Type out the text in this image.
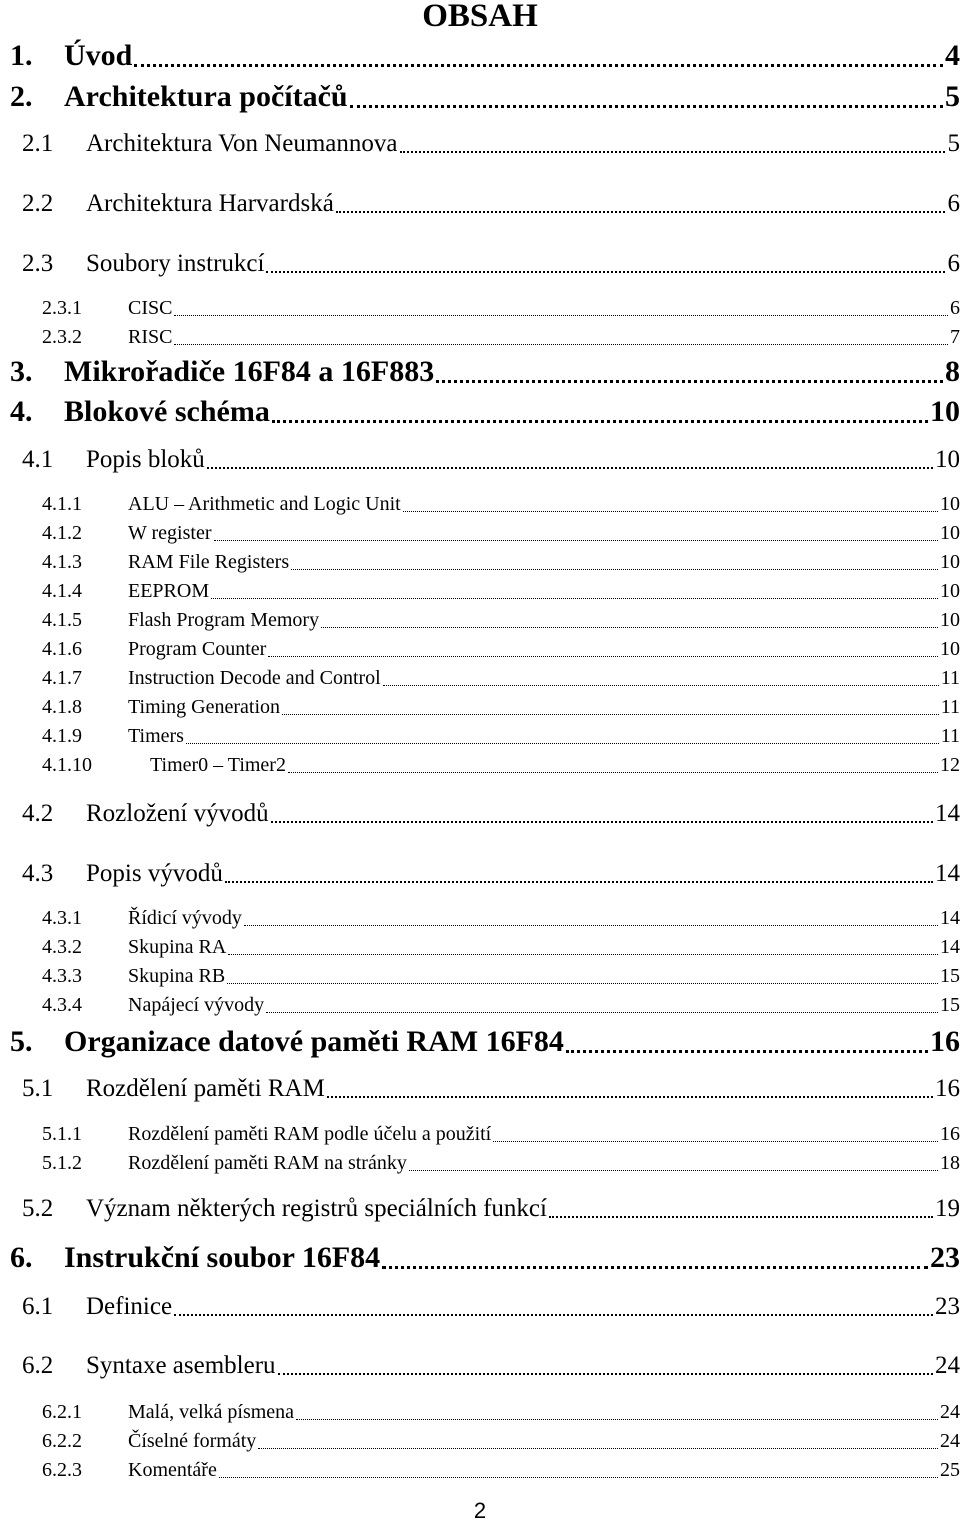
OBSAH
1. Úvod	4
2. Architektura počítačů	5
2.1 Architektura Von Neumannova	5
2.2 Architektura Harvardská	6
2.3 Soubory instrukcí	6
2.3.1 CISC	6
2.3.2 RISC	7
3. Mikrořadiče 16F84 a 16F883	8
4. Blokové schéma	10
4.1 Popis bloků	10
4.1.1 ALU – Arithmetic and Logic Unit	10
4.1.2 W register	10
4.1.3 RAM File Registers	10
4.1.4 EEPROM	10
4.1.5 Flash Program Memory	10
4.1.6 Program Counter	10
4.1.7 Instruction Decode and Control	11
4.1.8 Timing Generation	11
4.1.9 Timers	11
4.1.10	Timer0 – Timer2	12
4.2 Rozložení vývodů	14
4.3 Popis vývodů	14
4.3.1 Řídicí vývody	14
4.3.2 Skupina RA	14
4.3.3 Skupina RB	15
4.3.4 Napájecí vývody	15
5. Organizace datové paměti RAM 16F84	16
5.1 Rozdělení paměti RAM	16
5.1.1 Rozdělení paměti RAM podle účelu a použití	16
5.1.2 Rozdělení paměti RAM na stránky	18
5.2 Význam některých registrů speciálních funkcí	19
6. Instrukční soubor 16F84	23
6.1 Definice	23
6.2 Syntaxe asembleru	24
6.2.1 Malá, velká písmena	24
6.2.2 Číselné formáty	24
6.2.3 Komentáře	25
2
